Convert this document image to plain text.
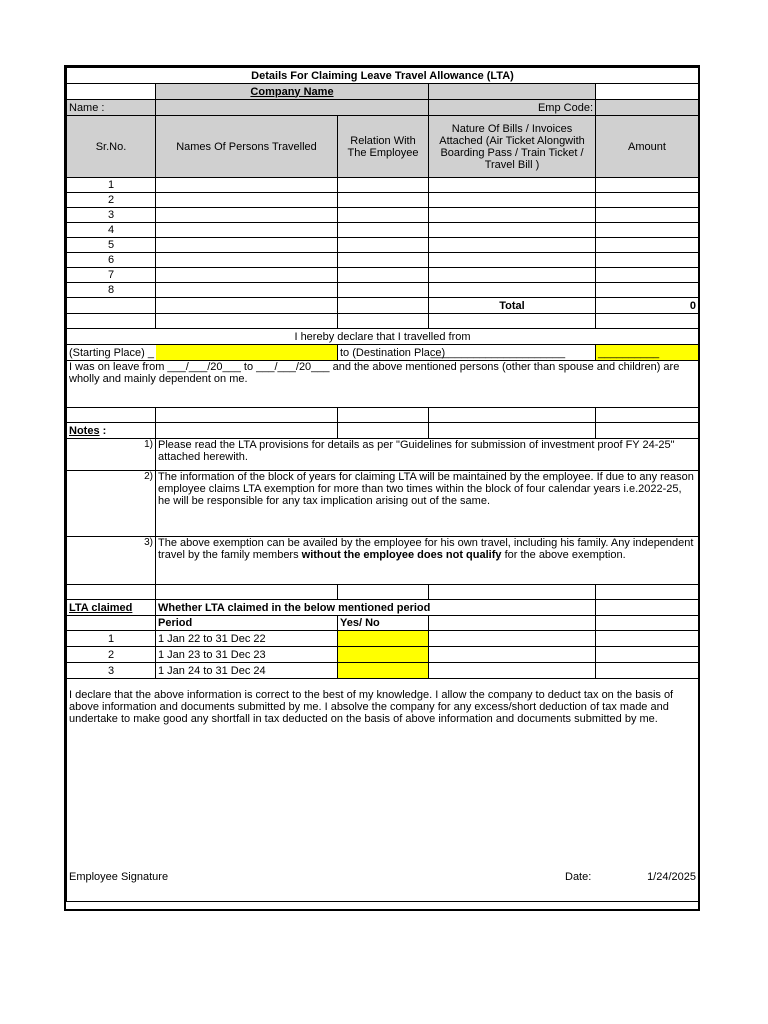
Details For Claiming Leave Travel Allowance (LTA)				
	Company Name			
Name :			Emp Code:	
Sr.No.	Names Of Persons Travelled	Relation With The Employee	Nature Of Bills / Invoices Attached (Air Ticket Alongwith Boarding Pass / Train Ticket / Travel Bill )	Amount
1				
2				
3				
4				
5				
6				
7				
8				
			Total	0

I hereby declare that I travelled from				
(Starting Place) _		to (Destination Place)	______________________	__________
I was on leave from ___/___/20___ to ___/___/20___ and the above mentioned persons (other than spouse and children) are wholly and mainly dependent on me.				

Notes :				
1)	Please read the LTA provisions for details as per "Guidelines for submission of investment proof FY 24-25" attached herewith.			
2)	The information of the block of years for claiming LTA will be maintained by the employee. If due to any reason employee claims LTA exemption for more than two times within the block of four calendar years i.e.2022-25, he will be responsible for any tax implication arising out of the same.			
3)	The above exemption can be availed by the employee for his own travel, including his family. Any independent travel by the family members without the employee does not qualify for the above exemption.			

LTA claimed	Whether LTA claimed in the below mentioned period			
	Period	Yes/ No		
1	1 Jan 22 to 31 Dec 22			
2	1 Jan 23 to 31 Dec 23			
3	1 Jan 24 to 31 Dec 24			

I declare that the above information is correct to the best of my knowledge. I allow the company to deduct tax on the basis of above information and documents submitted by me. I absolve the company for any excess/short deduction of tax made and undertake to make good any shortfall in tax deducted on the basis of above information and documents submitted by me.
Employee Signature Date: 1/24/2025				
